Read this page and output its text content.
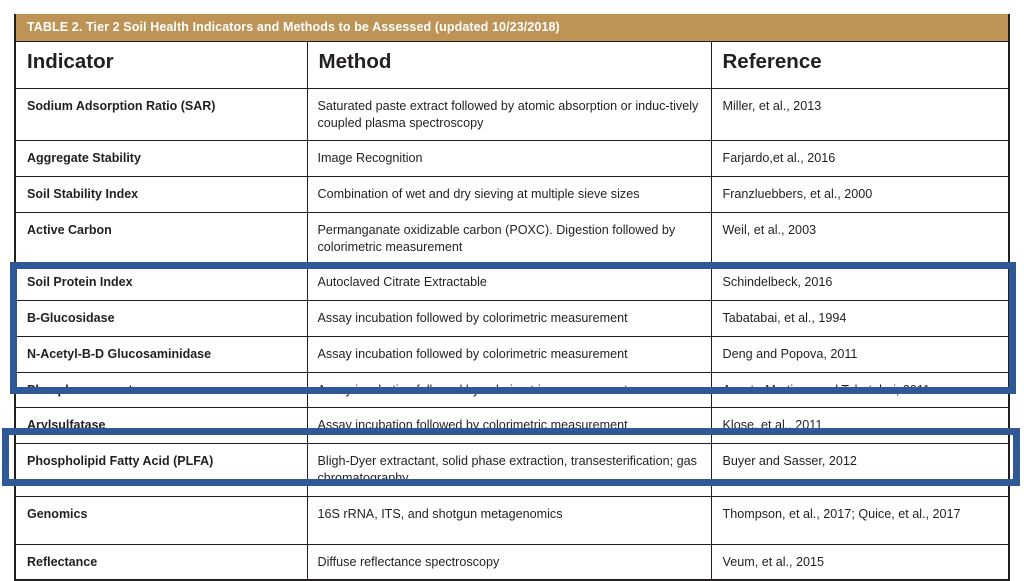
TABLE 2. Tier 2 Soil Health Indicators and Methods to be Assessed (updated 10/23/2018)
Indicator	Method	Reference
Sodium Adsorption Ratio (SAR)	Saturated paste extract followed by atomic absorption or induc-tively coupled plasma spectroscopy	Miller, et al., 2013
Aggregate Stability	Image Recognition	Farjardo,et al., 2016
Soil Stability Index	Combination of wet and dry sieving at multiple sieve sizes	Franzluebbers, et al., 2000
Active Carbon	Permanganate oxidizable carbon (POXC). Digestion followed by colorimetric measurement	Weil, et al., 2003
Soil Protein Index	Autoclaved Citrate Extractable	Schindelbeck, 2016
B-Glucosidase	Assay incubation followed by colorimetric measurement	Tabatabai, et al., 1994
N-Acetyl-B-D Glucosaminidase	Assay incubation followed by colorimetric measurement	Deng and Popova, 2011
Phosphomonoesterase	Assay incubation followed by colorimetric measurement	Acosta-Martinez and Tabatabai, 2011
Arylsulfatase	Assay incubation followed by colorimetric measurement	Klose, et al., 2011
Phospholipid Fatty Acid (PLFA)	Bligh-Dyer extractant, solid phase extraction, transesterification; gas chromatography	Buyer and Sasser, 2012
Genomics	16S rRNA, ITS, and shotgun metagenomics	Thompson, et al., 2017; Quice, et al., 2017
Reflectance	Diffuse reflectance spectroscopy	Veum, et al., 2015
